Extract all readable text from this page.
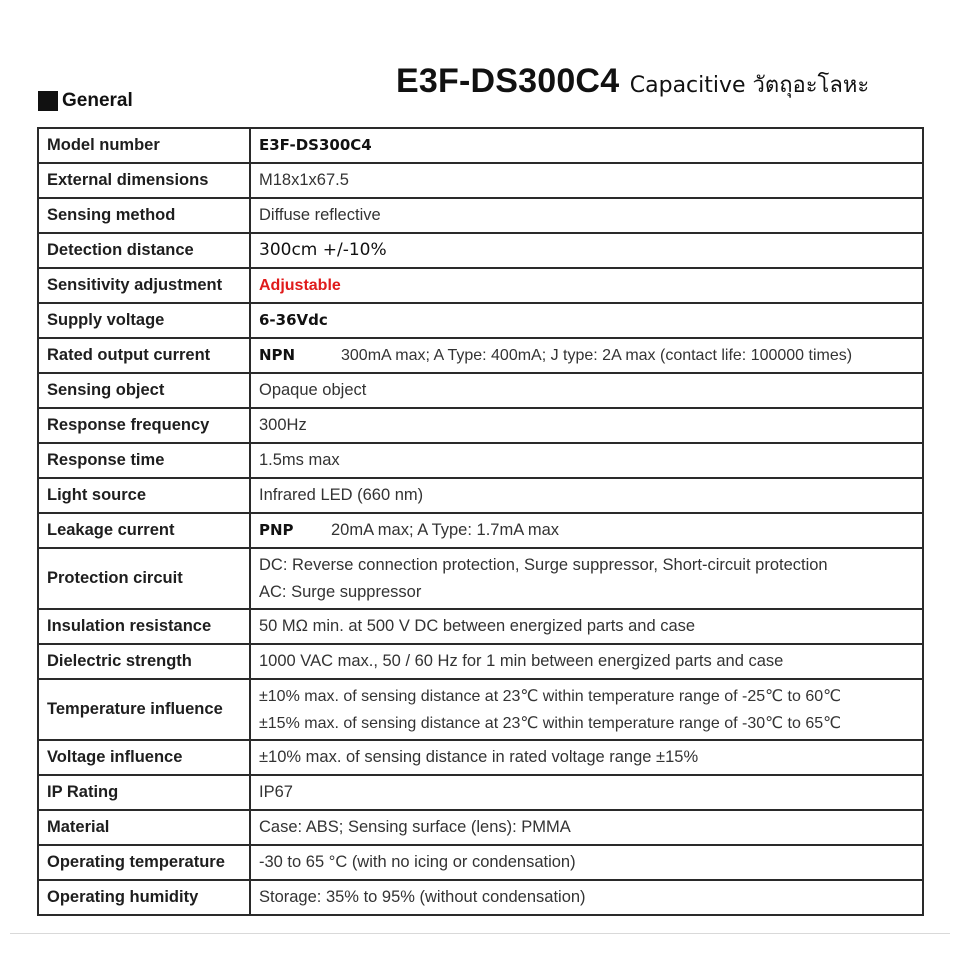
E3F-DS300C4 Capacitive วัตถุอะโลหะ
General
Model number	E3F-DS300C4
External dimensions	M18x1x67.5
Sensing method	Diffuse reflective
Detection distance	300cm +/-10%
Sensitivity adjustment	Adjustable
Supply voltage	6-36Vdc
Rated output current	NPN 300mA max; A Type: 400mA; J type: 2A max (contact life: 100000 times)
Sensing object	Opaque object
Response frequency	300Hz
Response time	1.5ms max
Light source	Infrared LED (660 nm)
Leakage current	PNP 20mA max; A Type: 1.7mA max
Protection circuit	DC: Reverse connection protection, Surge suppressor, Short-circuit protection
AC: Surge suppressor

Insulation resistance	50 MΩ min. at 500 V DC between energized parts and case
Dielectric strength	1000 VAC max., 50 / 60 Hz for 1 min between energized parts and case
Temperature influence	±10% max. of sensing distance at 23℃ within temperature range of -25℃ to 60℃
±15% max. of sensing distance at 23℃ within temperature range of -30℃ to 65℃

Voltage influence	±10% max. of sensing distance in rated voltage range ±15%
IP Rating	IP67
Material	Case: ABS; Sensing surface (lens): PMMA
Operating temperature	-30 to 65 °C (with no icing or condensation)
Operating humidity	Storage: 35% to 95% (without condensation)
